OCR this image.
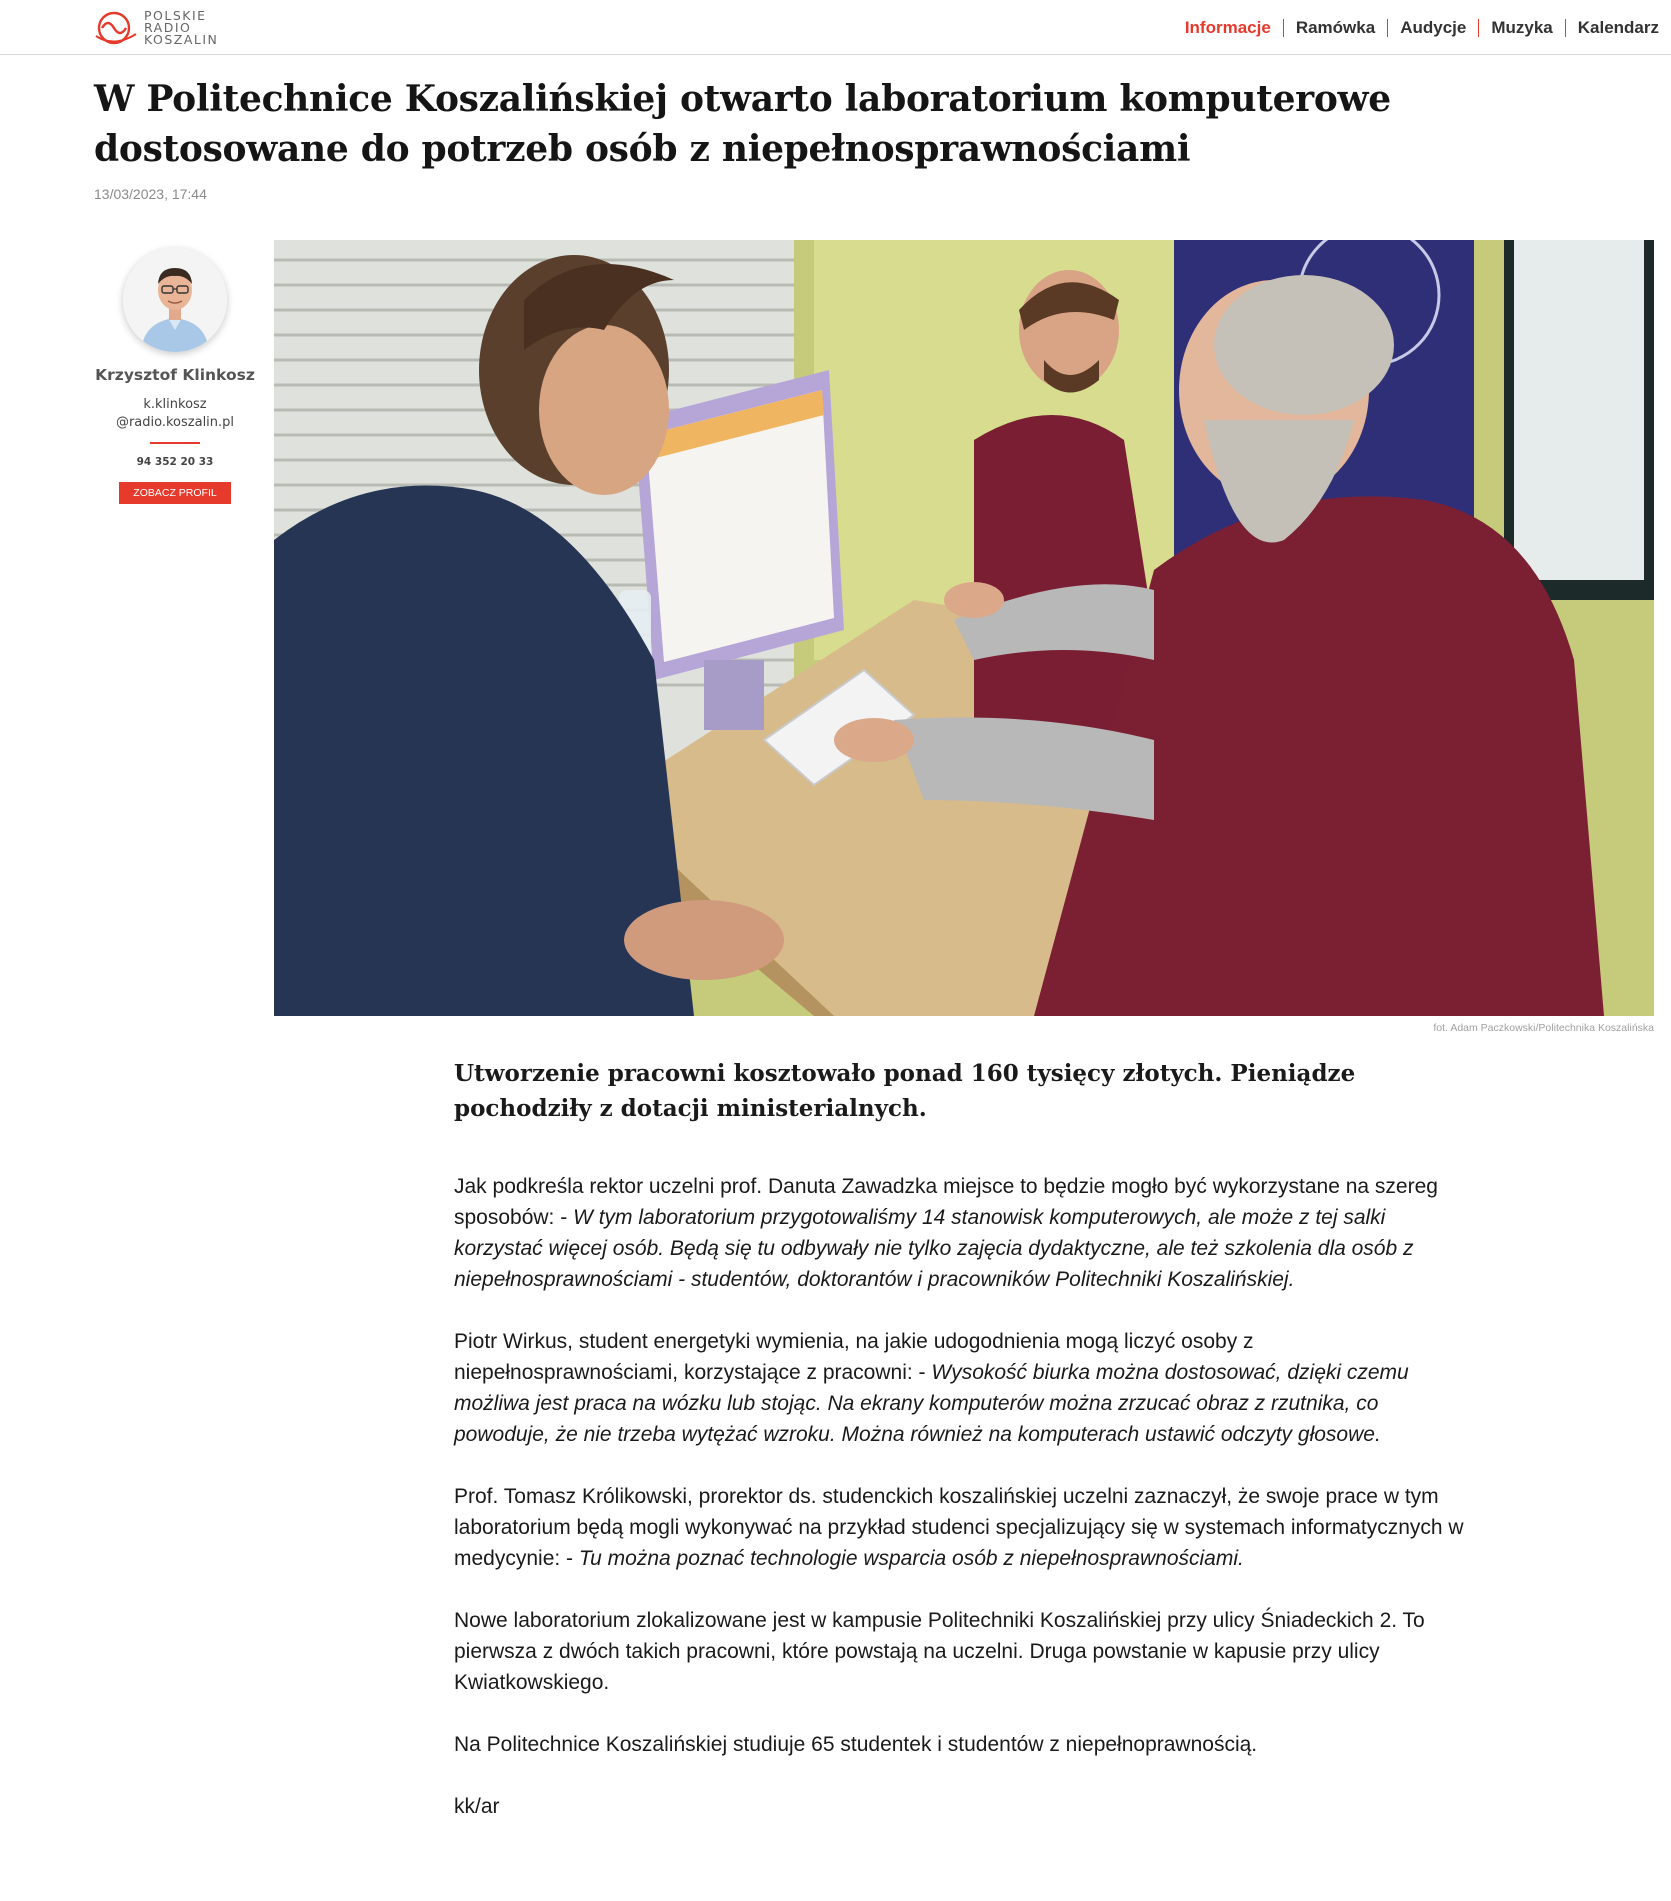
POLSKIE
RADIO
KOSZALIN
Informacje	Ramówka	Audycje	Muzyka	Kalendarz
W Politechnice Koszalińskiej otwarto laboratorium komputerowe dostosowane do potrzeb osób z niepełnosprawnościami
13/03/2023, 17:44
Krzysztof Klinkosz
k.klinkosz
@radio.koszalin.pl
94 352 20 33
ZOBACZ PROFIL
fot. Adam Paczkowski/Politechnika Koszalińska
Utworzenie pracowni kosztowało ponad 160 tysięcy złotych. Pieniądze pochodziły z dotacji ministerialnych.

Jak podkreśla rektor uczelni prof. Danuta Zawadzka miejsce to będzie mogło być wykorzystane na szereg sposobów: - W tym laboratorium przygotowaliśmy 14 stanowisk komputerowych, ale może z tej salki korzystać więcej osób. Będą się tu odbywały nie tylko zajęcia dydaktyczne, ale też szkolenia dla osób z niepełnosprawnościami - studentów, doktorantów i pracowników Politechniki Koszalińskiej.

Piotr Wirkus, student energetyki wymienia, na jakie udogodnienia mogą liczyć osoby z niepełnosprawnościami, korzystające z pracowni: - Wysokość biurka można dostosować, dzięki czemu możliwa jest praca na wózku lub stojąc. Na ekrany komputerów można zrzucać obraz z rzutnika, co powoduje, że nie trzeba wytężać wzroku. Można również na komputerach ustawić odczyty głosowe.

Prof. Tomasz Królikowski, prorektor ds. studenckich koszalińskiej uczelni zaznaczył, że swoje prace w tym laboratorium będą mogli wykonywać na przykład studenci specjalizujący się w systemach informatycznych w medycynie: - Tu można poznać technologie wsparcia osób z niepełnosprawnościami.

Nowe laboratorium zlokalizowane jest w kampusie Politechniki Koszalińskiej przy ulicy Śniadeckich 2. To pierwsza z dwóch takich pracowni, które powstają na uczelni. Druga powstanie w kapusie przy ulicy Kwiatkowskiego.

Na Politechnice Koszalińskiej studiuje 65 studentek i studentów z niepełnoprawnością.

kk/ar
